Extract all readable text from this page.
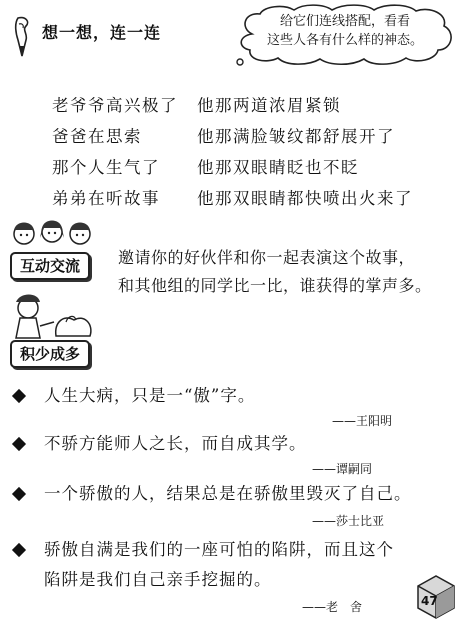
想一想，连一连
给它们连线搭配，看看
这些人各有什么样的神态。
老爷爷高兴极了 他那两道浓眉紧锁
爸爸在思索	他那满脸皱纹都舒展开了
那个人生气了 他那双眼睛眨也不眨
弟弟在听故事 他那双眼睛都快喷出火来了
互动交流	邀请你的好伙伴和你一起表演这个故事，
和其他组的同学比一比，谁获得的掌声多。
积少成多
人生大病，只是一“傲”字。
——王阳明
不骄方能师人之长，而自成其学。
——谭嗣同
一个骄傲的人，结果总是在骄傲里毁灭了自己。
——莎士比亚
骄傲自满是我们的一座可怕的陷阱，而且这个
陷阱是我们自己亲手挖掘的。
——老　舍	47
